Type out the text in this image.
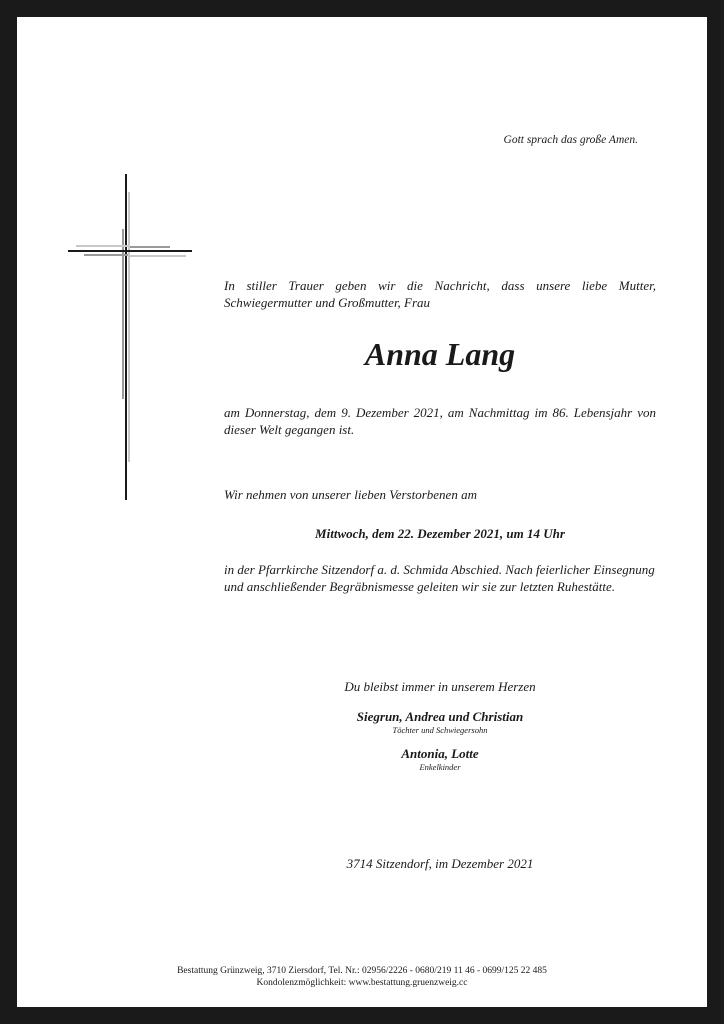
Gott sprach das große Amen.
In stiller Trauer geben wir die Nachricht, dass unsere liebe Mutter, Schwiegermutter und Großmutter, Frau
Anna Lang
am Donnerstag, dem 9. Dezember 2021, am Nachmittag im 86. Lebensjahr von dieser Welt gegangen ist.
Wir nehmen von unserer lieben Verstorbenen am
Mittwoch, dem 22. Dezember 2021, um 14 Uhr
in der Pfarrkirche Sitzendorf a. d. Schmida Abschied. Nach feierlicher Einsegnung und anschließender Begräbnismesse geleiten wir sie zur letzten Ruhestätte.
Du bleibst immer in unserem Herzen
Siegrun, Andrea und Christian
Töchter und Schwiegersohn
Antonia, Lotte
Enkelkinder
3714 Sitzendorf, im Dezember 2021
Bestattung Grünzweig, 3710 Ziersdorf, Tel. Nr.: 02956/2226 - 0680/219 11 46 - 0699/125 22 485
Kondolenzmöglichkeit: www.bestattung.gruenzweig.cc
